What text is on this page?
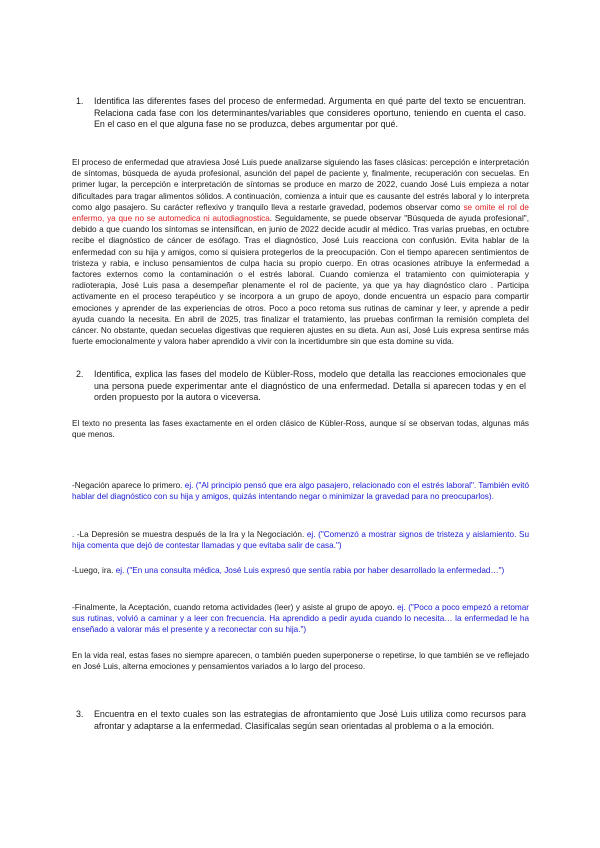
1. Identifica las diferentes fases del proceso de enfermedad. Argumenta en qué parte del texto se encuentran. Relaciona cada fase con los determinantes/variables que consideres oportuno, teniendo en cuenta el caso. En el caso en el que alguna fase no se produzca, debes argumentar por qué.
El proceso de enfermedad que atraviesa José Luis puede analizarse siguiendo las fases clásicas: percepción e interpretación de síntomas, búsqueda de ayuda profesional, asunción del papel de paciente y, finalmente, recuperación con secuelas. En primer lugar, la percepción e interpretación de síntomas se produce en marzo de 2022, cuando José Luis empieza a notar dificultades para tragar alimentos sólidos. A continuación, comienza a intuir que es causante del estrés laboral y lo interpreta como algo pasajero. Su carácter reflexivo y tranquilo lleva a restarle gravedad, podemos observar como se omite el rol de enfermo, ya que no se automedica ni autodiagnostica. Seguidamente, se puede observar "Búsqueda de ayuda profesional", debido a que cuando los síntomas se intensifican, en junio de 2022 decide acudir al médico. Tras varias pruebas, en octubre recibe el diagnóstico de cáncer de esófago. Tras el diagnóstico, José Luis reacciona con confusión. Evita hablar de la enfermedad con su hija y amigos, como si quisiera protegerlos de la preocupación. Con el tiempo aparecen sentimientos de tristeza y rabia, e incluso pensamientos de culpa hacia su propio cuerpo. En otras ocasiones atribuye la enfermedad a factores externos como la contaminación o el estrés laboral. Cuando comienza el tratamiento con quimioterapia y radioterapia, José Luis pasa a desempeñar plenamente el rol de paciente, ya que ya hay diagnóstico claro . Participa activamente en el proceso terapéutico y se incorpora a un grupo de apoyo, donde encuentra un espacio para compartir emociones y aprender de las experiencias de otros. Poco a poco retoma sus rutinas de caminar y leer, y aprende a pedir ayuda cuando la necesita. En abril de 2025, tras finalizar el tratamiento, las pruebas confirman la remisión completa del cáncer. No obstante, quedan secuelas digestivas que requieren ajustes en su dieta. Aun así, José Luis expresa sentirse más fuerte emocionalmente y valora haber aprendido a vivir con la incertidumbre sin que esta domine su vida.
2. Identifica, explica las fases del modelo de Kübler-Ross, modelo que detalla las reacciones emocionales que una persona puede experimentar ante el diagnóstico de una enfermedad. Detalla si aparecen todas y en el orden propuesto por la autora o viceversa.
El texto no presenta las fases exactamente en el orden clásico de Kübler-Ross, aunque sí se observan todas, algunas más que menos.
-Negación aparece lo primero. ej. ("Al principio pensó que era algo pasajero, relacionado con el estrés laboral". También evitó hablar del diagnóstico con su hija y amigos, quizás intentando negar o minimizar la gravedad para no preocuparlos).
. -La Depresión se muestra después de la Ira y la Negociación. ej. ("Comenzó a mostrar signos de tristeza y aislamiento. Su hija comenta que dejó de contestar llamadas y que evitaba salir de casa.")
-Luego, ira. ej. ("En una consulta médica, José Luis expresó que sentía rabia por haber desarrollado la enfermedad…")
-Finalmente, la Aceptación, cuando retoma actividades (leer) y asiste al grupo de apoyo. ej. ("Poco a poco empezó a retomar sus rutinas, volvió a caminar y a leer con frecuencia. Ha aprendido a pedir ayuda cuando lo necesita… la enfermedad le ha enseñado a valorar más el presente y a reconectar con su hija.")
En la vida real, estas fases no siempre aparecen, o también pueden superponerse o repetirse, lo que también se ve reflejado en José Luis, alterna emociones y pensamientos variados a lo largo del proceso.
3. Encuentra en el texto cuales son las estrategias de afrontamiento que José Luis utiliza como recursos para afrontar y adaptarse a la enfermedad. Clasifícalas según sean orientadas al problema o a la emoción.
